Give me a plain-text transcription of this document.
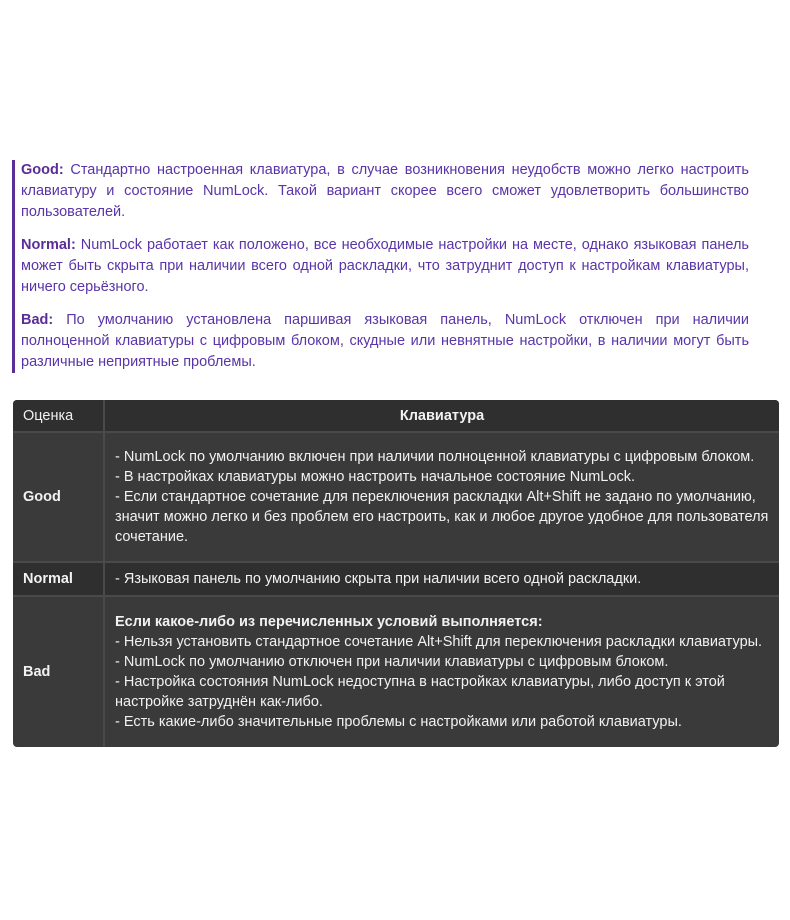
Good: Стандартно настроенная клавиатура, в случае возникновения неудобств можно легко настроить клавиатуру и состояние NumLock. Такой вариант скорее всего сможет удовлетворить большинство пользователей.

Normal: NumLock работает как положено, все необходимые настройки на месте, однако языковая панель может быть скрыта при наличии всего одной раскладки, что затруднит доступ к настройкам клавиатуры, ничего серьёзного.

Bad: По умолчанию установлена паршивая языковая панель, NumLock отключен при наличии полноценной клавиатуры с цифровым блоком, скудные или невнятные настройки, в наличии могут быть различные неприятные проблемы.

Оценка	Клавиатура
Good	- NumLock по умолчанию включен при наличии полноценной клавиатуры с цифровым блоком.
- В настройках клавиатуры можно настроить начальное состояние NumLock.
- Если стандартное сочетание для переключения раскладки Alt+Shift не задано по умолчанию, значит можно легко и без проблем его настроить, как и любое другое удобное для пользователя сочетание.

Normal	- Языковая панель по умолчанию скрыта при наличии всего одной раскладки.

Bad	Если какое-либо из перечисленных условий выполняется:
- Нельзя установить стандартное сочетание Alt+Shift для переключения раскладки клавиатуры.
- NumLock по умолчанию отключен при наличии клавиатуры с цифровым блоком.
- Настройка состояния NumLock недоступна в настройках клавиатуры, либо доступ к этой настройке затруднён как-либо.
- Есть какие-либо значительные проблемы с настройками или работой клавиатуры.
